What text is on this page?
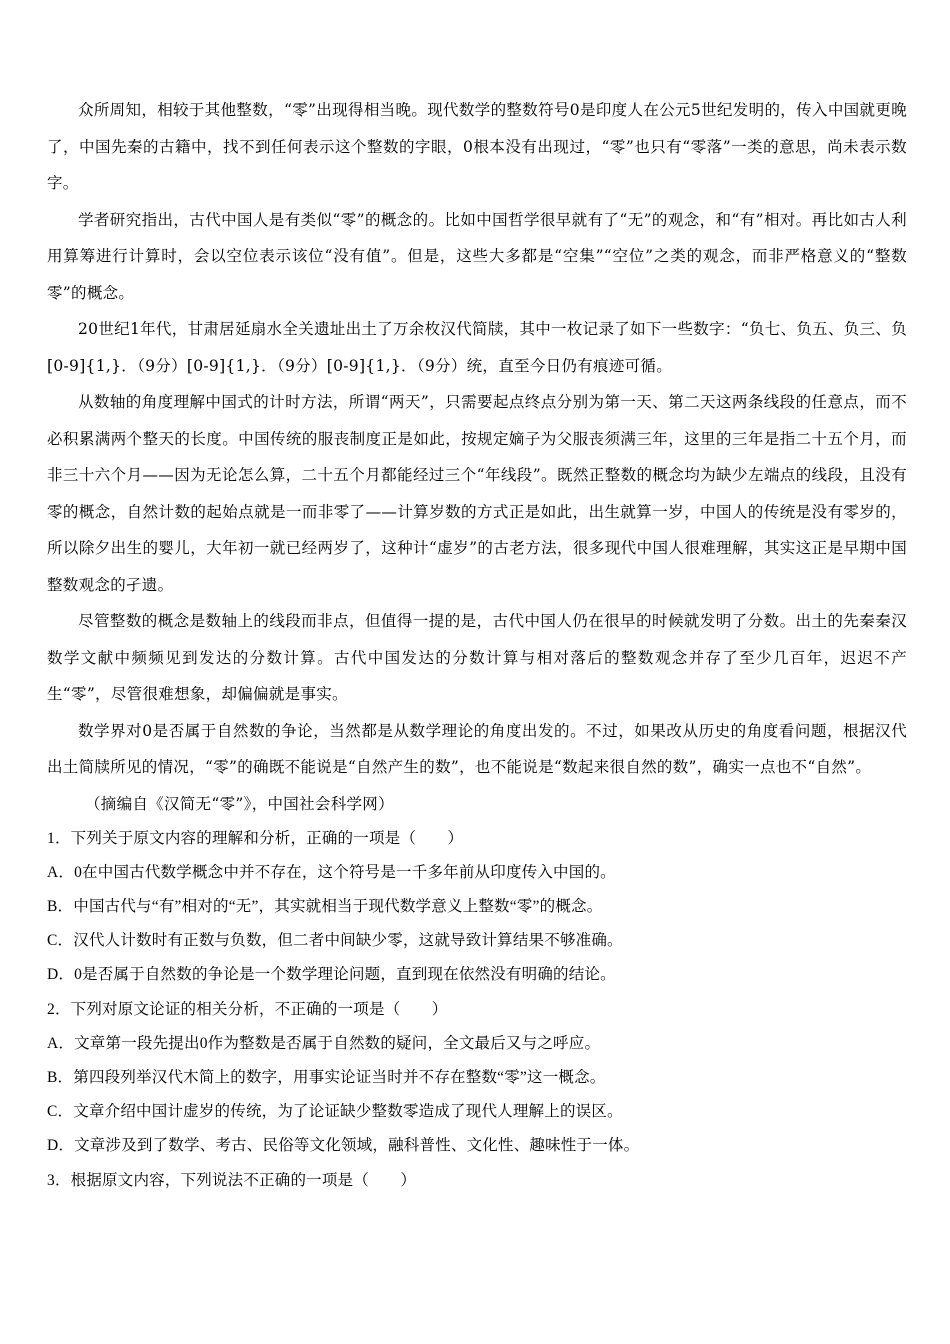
众所周知，相较于其他整数，“零”出现得相当晚。现代数学的整数符号0是印度人在公元5世纪发明的，传入中国就更晚了，中国先秦的古籍中，找不到任何表示这个整数的字眼，0根本没有出现过，“零”也只有“零落”一类的意思，尚未表示数字。

学者研究指出，古代中国人是有类似“零”的概念的。比如中国哲学很早就有了“无”的观念，和“有”相对。再比如古人利用算筹进行计算时，会以空位表示该位“没有值”。但是，这些大多都是“空集”“空位”之类的观念，而非严格意义的“整数零”的概念。

20世纪1年代，甘肃居延扇水全关遗址出土了万余枚汉代简牍，其中一枚记录了如下一些数字：“负七、负五、负三、负[0-9]{1,}．（9分）[0-9]{1,}．（9分）[0-9]{1,}．（9分）统，直至今日仍有痕迹可循。

从数轴的角度理解中国式的计时方法，所谓“两天”，只需要起点终点分别为第一天、第二天这两条线段的任意点，而不必积累满两个整天的长度。中国传统的服丧制度正是如此，按规定嫡子为父服丧须满三年，这里的三年是指二十五个月，而非三十六个月——因为无论怎么算，二十五个月都能经过三个“年线段”。既然正整数的概念均为缺少左端点的线段，且没有零的概念，自然计数的起始点就是一而非零了——计算岁数的方式正是如此，出生就算一岁，中国人的传统是没有零岁的，所以除夕出生的婴儿，大年初一就已经两岁了，这种计“虚岁”的古老方法，很多现代中国人很难理解，其实这正是早期中国整数观念的孑遗。

尽管整数的概念是数轴上的线段而非点，但值得一提的是，古代中国人仍在很早的时候就发明了分数。出土的先秦秦汉数学文献中频频见到发达的分数计算。古代中国发达的分数计算与相对落后的整数观念并存了至少几百年，迟迟不产生“零”，尽管很难想象，却偏偏就是事实。

数学界对0是否属于自然数的争论，当然都是从数学理论的角度出发的。不过，如果改从历史的角度看问题，根据汉代出土简牍所见的情况，“零”的确既不能说是“自然产生的数”，也不能说是“数起来很自然的数”，确实一点也不“自然”。

（摘编自《汉简无“零”》，中国社会科学网）

1．下列关于原文内容的理解和分析，正确的一项是（　　）

A．0在中国古代数学概念中并不存在，这个符号是一千多年前从印度传入中国的。

B．中国古代与“有”相对的“无”，其实就相当于现代数学意义上整数“零”的概念。

C．汉代人计数时有正数与负数，但二者中间缺少零，这就导致计算结果不够准确。

D．0是否属于自然数的争论是一个数学理论问题，直到现在依然没有明确的结论。

2．下列对原文论证的相关分析，不正确的一项是（　　）

A．文章第一段先提出0作为整数是否属于自然数的疑问，全文最后又与之呼应。

B．第四段列举汉代木简上的数字，用事实论证当时并不存在整数“零”这一概念。

C．文章介绍中国计虚岁的传统，为了论证缺少整数零造成了现代人理解上的误区。

D．文章涉及到了数学、考古、民俗等文化领域，融科普性、文化性、趣味性于一体。

3．根据原文内容，下列说法不正确的一项是（　　）
